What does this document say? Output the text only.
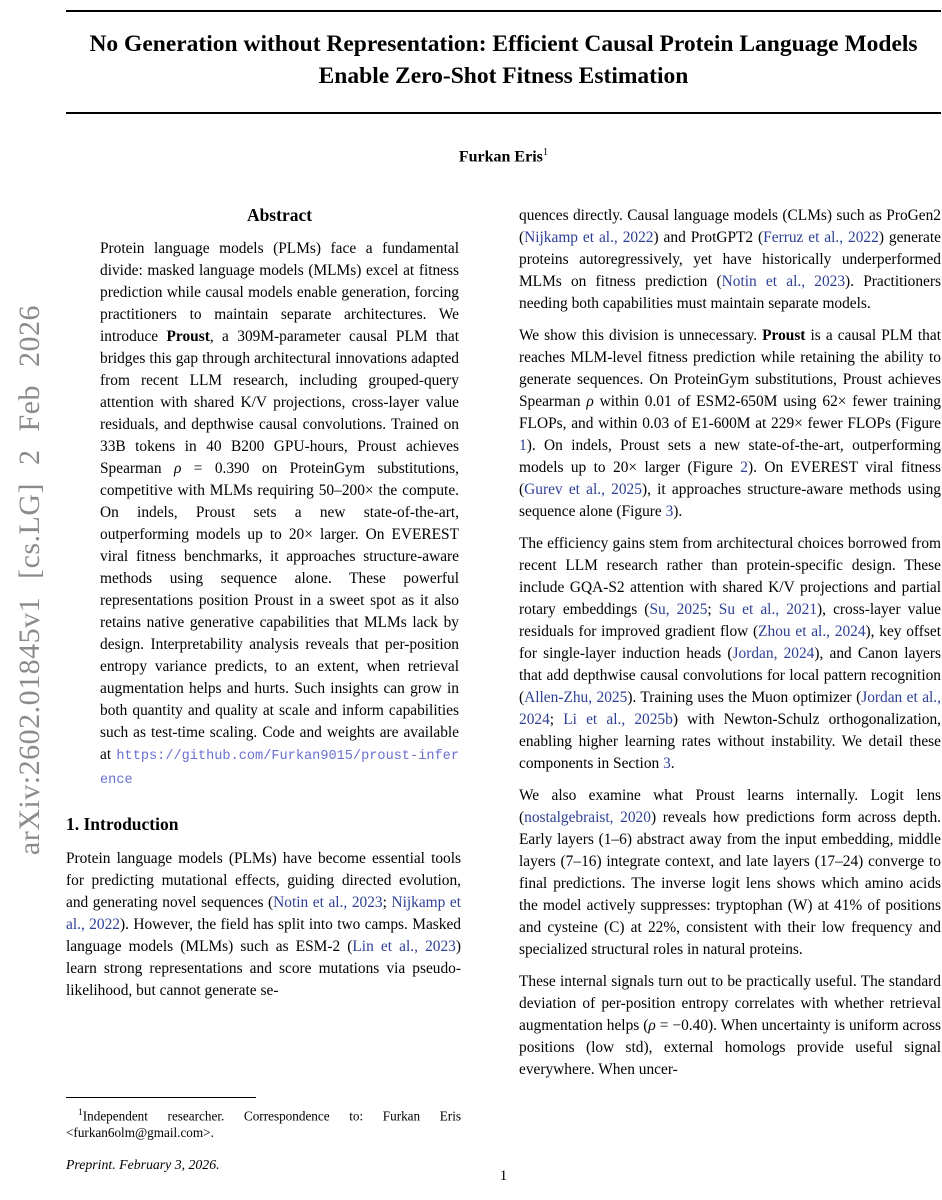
arXiv:2602.01845v1 [cs.LG] 2 Feb 2026
No Generation without Representation: Efficient Causal Protein Language Models Enable Zero-Shot Fitness Estimation
Furkan Eris$^1$
Abstract

Protein language models (PLMs) face a fundamental divide: masked language models (MLMs) excel at fitness prediction while causal models enable generation, forcing practitioners to maintain separate architectures. We introduce Proust, a 309M-parameter causal PLM that bridges this gap through architectural innovations adapted from recent LLM research, including grouped-query attention with shared K/V projections, cross-layer value residuals, and depthwise causal convolutions. Trained on 33B tokens in 40 B200 GPU-hours, Proust achieves Spearman ρ = 0.390 on ProteinGym substitutions, competitive with MLMs requiring 50–200× the compute. On indels, Proust sets a new state-of-the-art, outperforming models up to 20× larger. On EVEREST viral fitness benchmarks, it approaches structure-aware methods using sequence alone. These powerful representations position Proust in a sweet spot as it also retains native generative capabilities that MLMs lack by design. Interpretability analysis reveals that per-position entropy variance predicts, to an extent, when retrieval augmentation helps and hurts. Such insights can grow in both quantity and quality at scale and inform capabilities such as test-time scaling. Code and weights are available at https://github.com/Furkan9015/proust-inference

1. Introduction

Protein language models (PLMs) have become essential tools for predicting mutational effects, guiding directed evolution, and generating novel sequences (Notin et al., 2023; Nijkamp et al., 2022). However, the field has split into two camps. Masked language models (MLMs) such as ESM-2 (Lin et al., 2023) learn strong representations and score mutations via pseudo-likelihood, but cannot generate se-

$^1$Independent researcher. Correspondence to: Furkan Eris <furkan6olm@gmail.com>.

Preprint. February 3, 2026.

quences directly. Causal language models (CLMs) such as ProGen2 (Nijkamp et al., 2022) and ProtGPT2 (Ferruz et al., 2022) generate proteins autoregressively, yet have historically underperformed MLMs on fitness prediction (Notin et al., 2023). Practitioners needing both capabilities must maintain separate models.

We show this division is unnecessary. Proust is a causal PLM that reaches MLM-level fitness prediction while retaining the ability to generate sequences. On ProteinGym substitutions, Proust achieves Spearman ρ within 0.01 of ESM2-650M using 62× fewer training FLOPs, and within 0.03 of E1-600M at 229× fewer FLOPs (Figure 1). On indels, Proust sets a new state-of-the-art, outperforming models up to 20× larger (Figure 2). On EVEREST viral fitness (Gurev et al., 2025), it approaches structure-aware methods using sequence alone (Figure 3).

The efficiency gains stem from architectural choices borrowed from recent LLM research rather than protein-specific design. These include GQA-S2 attention with shared K/V projections and partial rotary embeddings (Su, 2025; Su et al., 2021), cross-layer value residuals for improved gradient flow (Zhou et al., 2024), key offset for single-layer induction heads (Jordan, 2024), and Canon layers that add depthwise causal convolutions for local pattern recognition (Allen-Zhu, 2025). Training uses the Muon optimizer (Jordan et al., 2024; Li et al., 2025b) with Newton-Schulz orthogonalization, enabling higher learning rates without instability. We detail these components in Section 3.

We also examine what Proust learns internally. Logit lens (nostalgebraist, 2020) reveals how predictions form across depth. Early layers (1–6) abstract away from the input embedding, middle layers (7–16) integrate context, and late layers (17–24) converge to final predictions. The inverse logit lens shows which amino acids the model actively suppresses: tryptophan (W) at 41% of positions and cysteine (C) at 22%, consistent with their low frequency and specialized structural roles in natural proteins.

These internal signals turn out to be practically useful. The standard deviation of per-position entropy correlates with whether retrieval augmentation helps (ρ = −0.40). When uncertainty is uniform across positions (low std), external homologs provide useful signal everywhere. When uncer-

1
